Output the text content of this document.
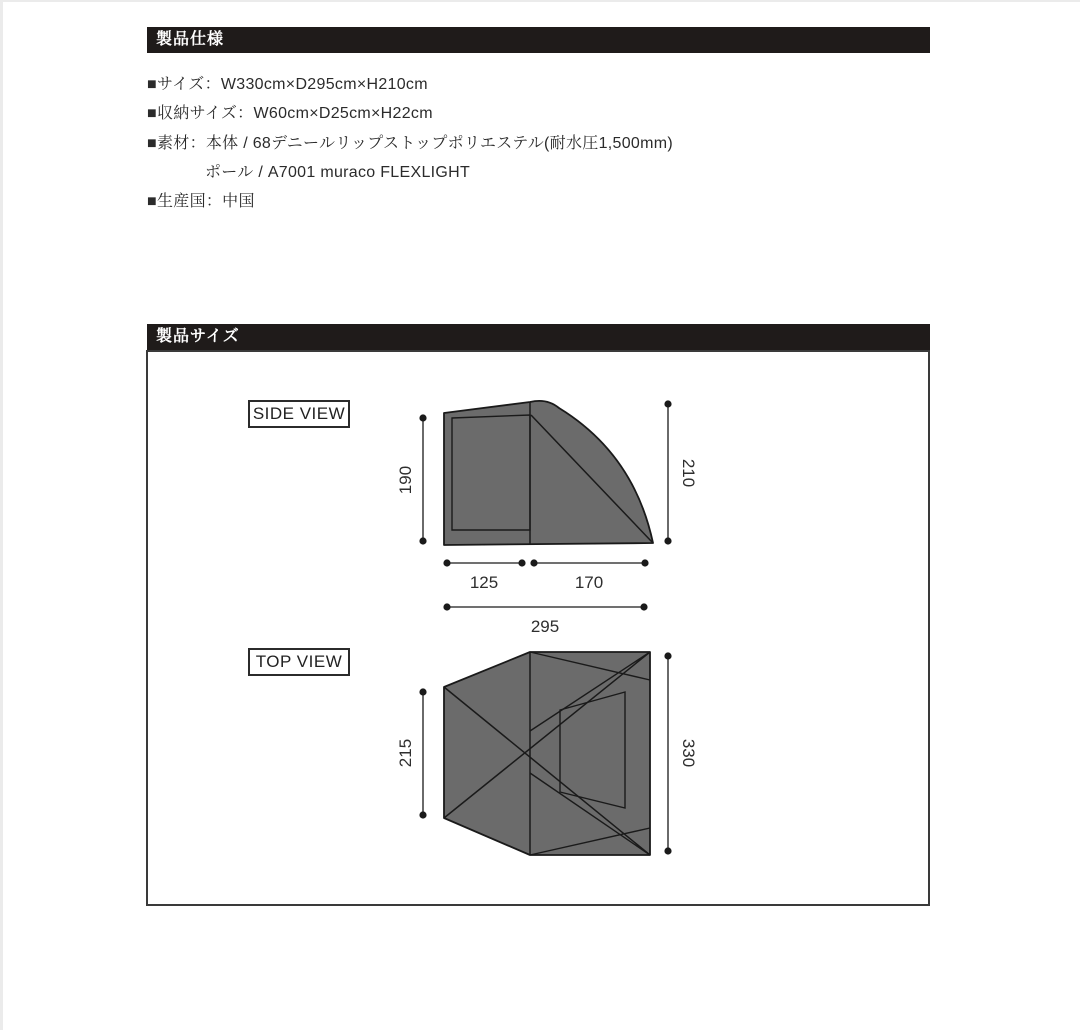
製品仕様
■サイズ：W330cm×D295cm×H210cm
■収納サイズ：W60cm×D25cm×H22cm
■素材：本体 / 68デニールリップストップポリエステル(耐水圧1,500mm)
ポール / A7001 muraco FLEXLIGHT
■生産国：中国
製品サイズ
SIDE VIEW
TOP VIEW
190	210
125	170
295
215	330
